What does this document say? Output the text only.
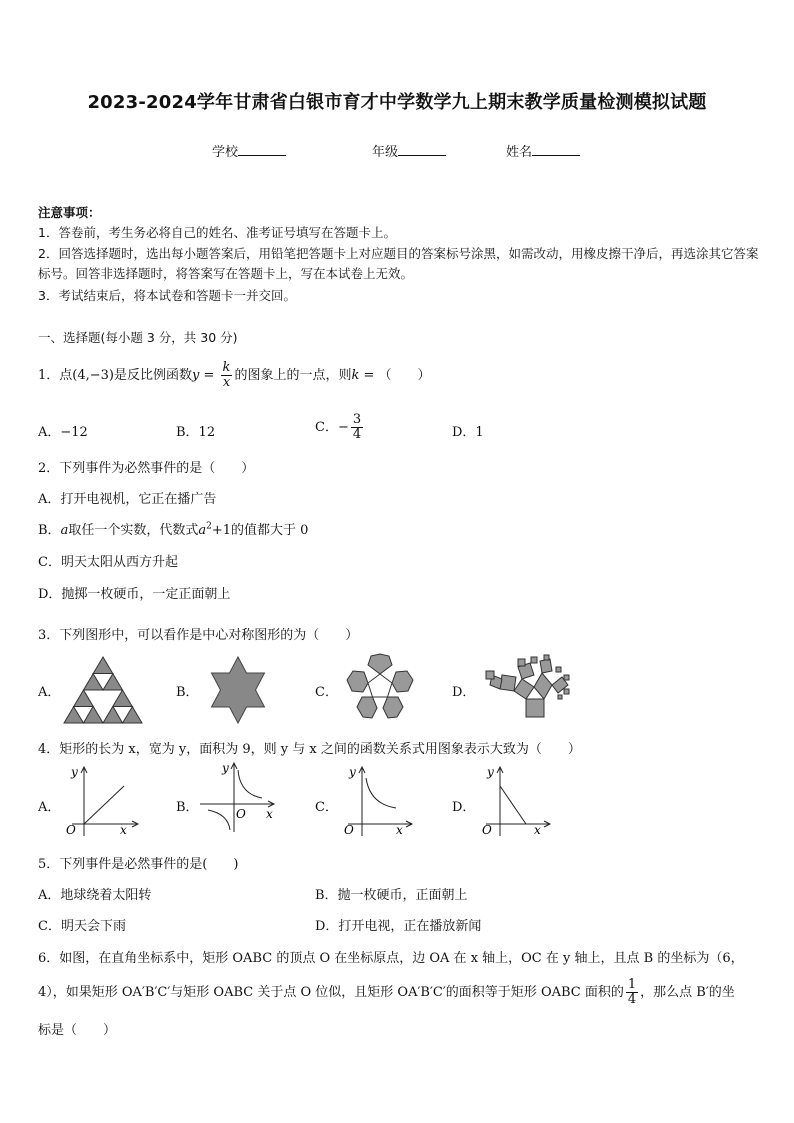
2023-2024学年甘肃省白银市育才中学数学九上期末教学质量检测模拟试题
学校	年级	姓名
注意事项：
1．答卷前，考生务必将自己的姓名、准考证号填写在答题卡上。
2．回答选择题时，选出每小题答案后，用铅笔把答题卡上对应题目的答案标号涂黑，如需改动，用橡皮擦干净后，再选涂其它答案标号。回答非选择题时，将答案写在答题卡上，写在本试卷上无效。
3．考试结束后，将本试卷和答题卡一并交回。
一、选择题(每小题 3 分，共 30 分)
1．点(4,−3)是反比例函数$y = \frac{k}{x}$ 的图象上的一点，则k = （　　）
A．−12	B．12	C．− $\frac{3}{4}$	D．1
2．下列事件为必然事件的是（　　）
A．打开电视机，它正在播广告
B．a取任一个实数，代数式$a^2+1$的值都大于 0
C．明天太阳从西方升起
D．抛掷一枚硬币，一定正面朝上
3．下列图形中，可以看作是中心对称图形的为（　　）
A．	B．	C．	D．
4．矩形的长为 x，宽为 y，面积为 9，则 y 与 x 之间的函数关系式用图象表示大致为（　　）
A．	B．	C．	D．
y
O	x
y
O x
y
O	x
y
O	x
5．下列事件是必然事件的是(　　)
A．地球绕着太阳转	B．抛一枚硬币，正面朝上
C．明天会下雨	D．打开电视，正在播放新闻
6．如图，在直角坐标系中，矩形 OABC 的顶点 O 在坐标原点，边 OA 在 x 轴上，OC 在 y 轴上，且点 B 的坐标为（6，
4），如果矩形 OA′B′C′与矩形 OABC 关于点 O 位似，且矩形 OA′B′C′的面积等于矩形 OABC 面积的 $\frac{1}{4}$ ，那么点 B′的坐
标是（　　）
